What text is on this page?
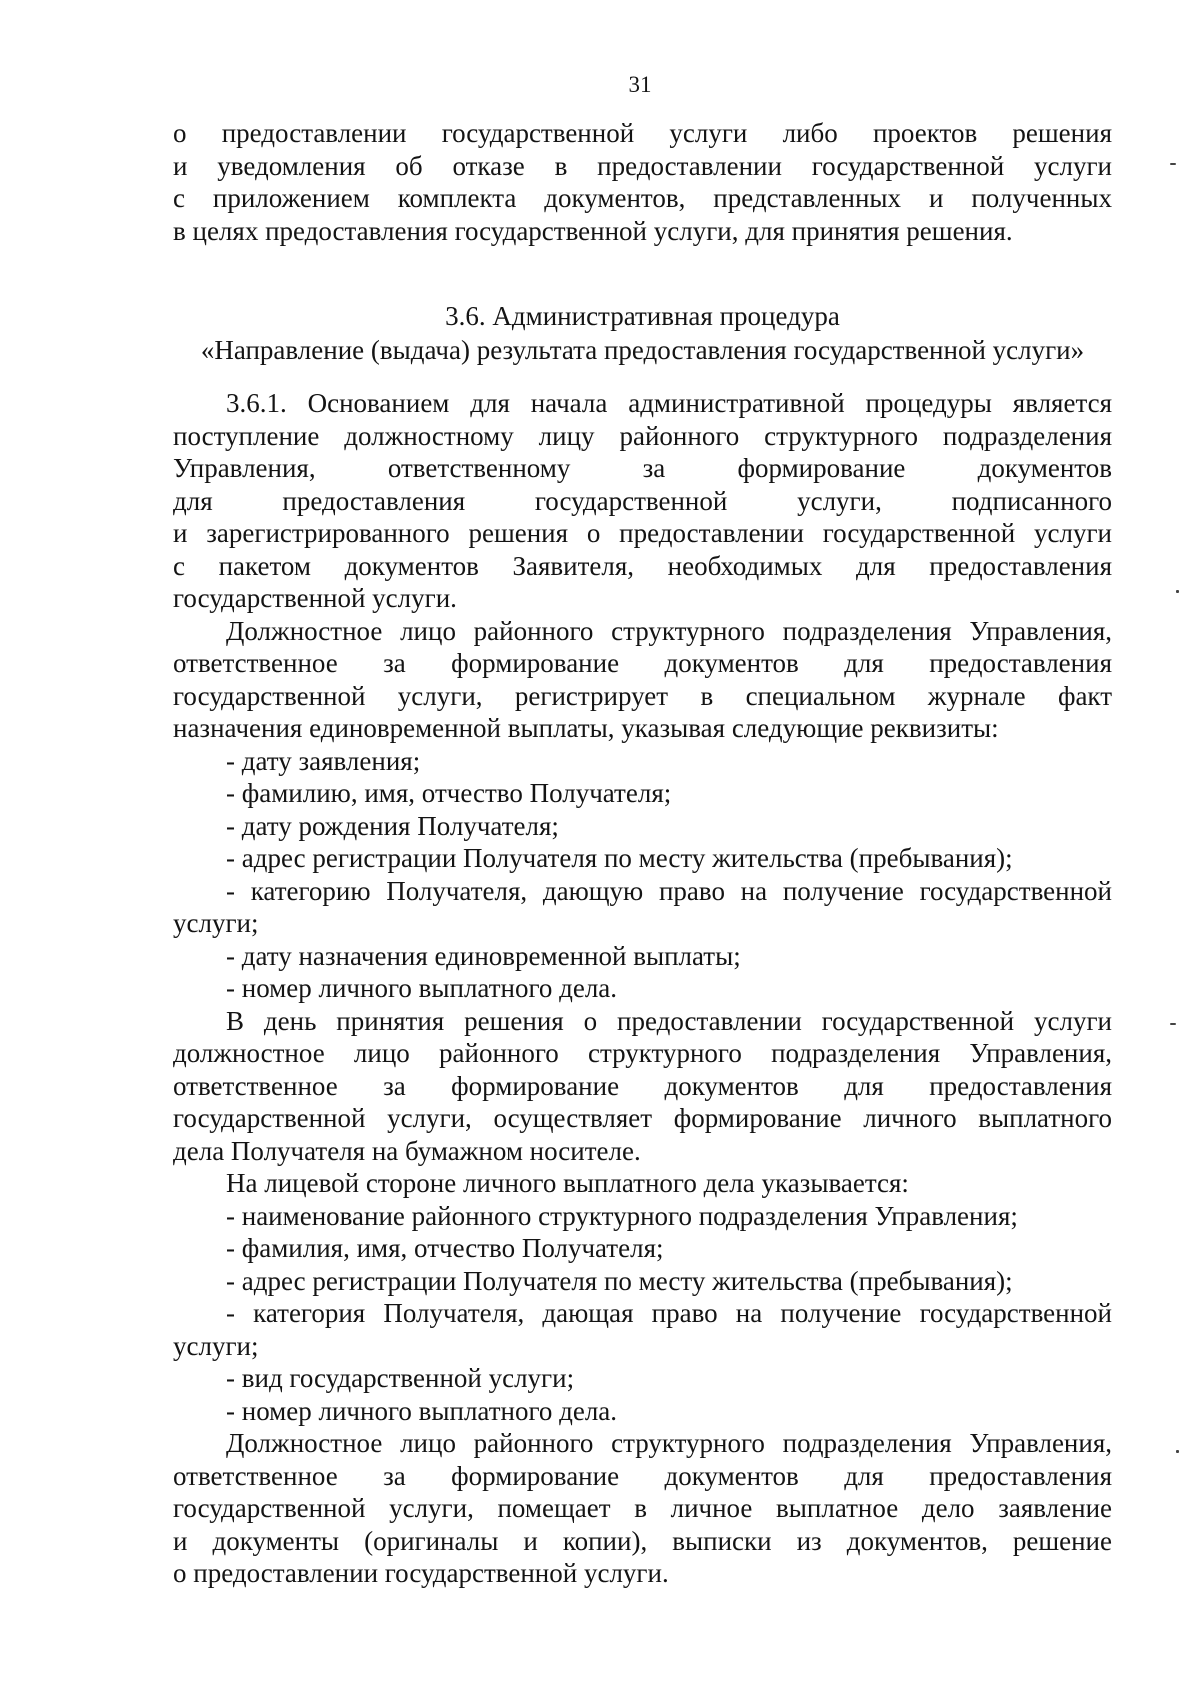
31
о предоставлении государственной услуги либо проектов решения
и уведомления об отказе в предоставлении государственной услуги
с приложением комплекта документов, представленных и полученных
в целях предоставления государственной услуги, для принятия решения.
3.6. Административная процедура
«Направление (выдача) результата предоставления государственной услуги»
3.6.1. Основанием для начала административной процедуры является
поступление должностному лицу районного структурного подразделения
Управления, ответственному за формирование документов
для предоставления государственной услуги, подписанного
и зарегистрированного решения о предоставлении государственной услуги
с пакетом документов Заявителя, необходимых для предоставления
государственной услуги.
Должностное лицо районного структурного подразделения Управления,
ответственное за формирование документов для предоставления
государственной услуги, регистрирует в специальном журнале факт
назначения единовременной выплаты, указывая следующие реквизиты:
- дату заявления;
- фамилию, имя, отчество Получателя;
- дату рождения Получателя;
- адрес регистрации Получателя по месту жительства (пребывания);
- категорию Получателя, дающую право на получение государственной
услуги;
- дату назначения единовременной выплаты;
- номер личного выплатного дела.
В день принятия решения о предоставлении государственной услуги
должностное лицо районного структурного подразделения Управления,
ответственное за формирование документов для предоставления
государственной услуги, осуществляет формирование личного выплатного
дела Получателя на бумажном носителе.
На лицевой стороне личного выплатного дела указывается:
- наименование районного структурного подразделения Управления;
- фамилия, имя, отчество Получателя;
- адрес регистрации Получателя по месту жительства (пребывания);
- категория Получателя, дающая право на получение государственной
услуги;
- вид государственной услуги;
- номер личного выплатного дела.
Должностное лицо районного структурного подразделения Управления,
ответственное за формирование документов для предоставления
государственной услуги, помещает в личное выплатное дело заявление
и документы (оригиналы и копии), выписки из документов, решение
о предоставлении государственной услуги.
